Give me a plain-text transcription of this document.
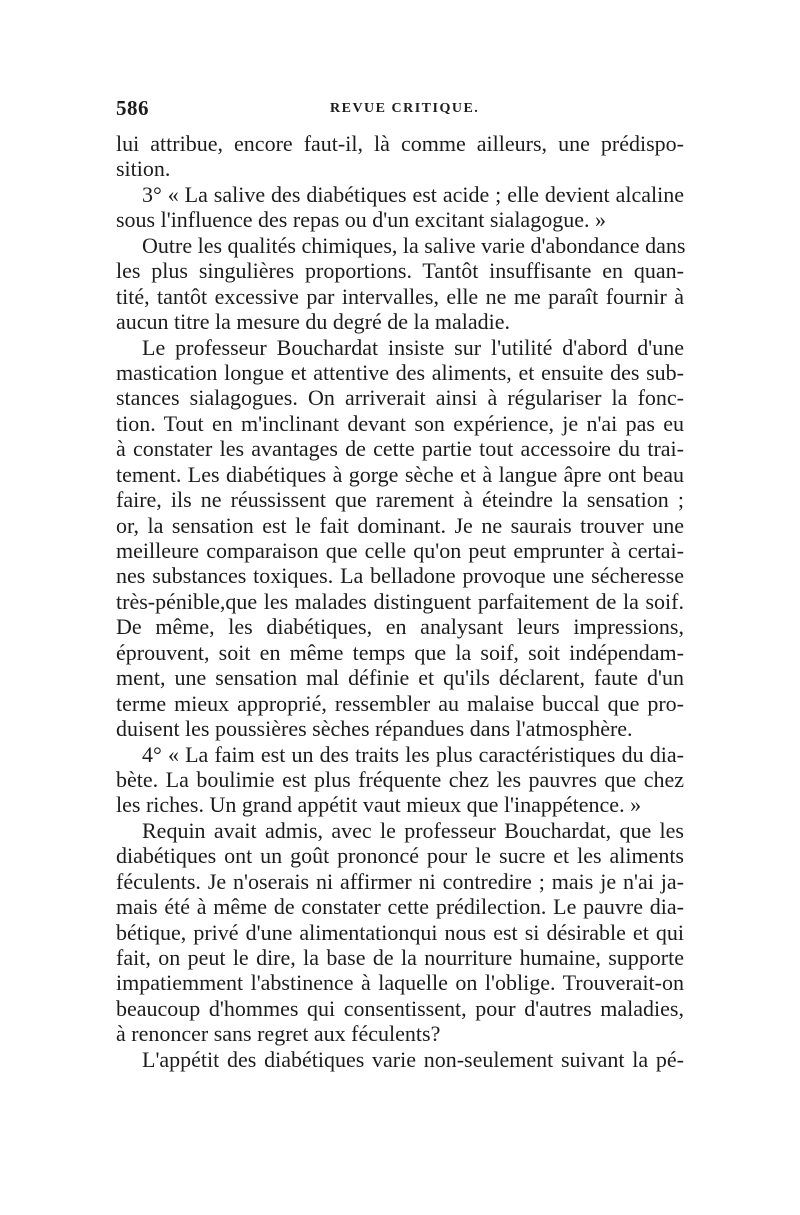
586	REVUE CRITIQUE.
lui attribue, encore faut-il, là comme ailleurs, une prédispo-
sition.
3° « La salive des diabétiques est acide ; elle devient alcaline
sous l'influence des repas ou d'un excitant sialagogue. »
Outre les qualités chimiques, la salive varie d'abondance dans
les plus singulières proportions. Tantôt insuffisante en quan-
tité, tantôt excessive par intervalles, elle ne me paraît fournir à
aucun titre la mesure du degré de la maladie.
Le professeur Bouchardat insiste sur l'utilité d'abord d'une
mastication longue et attentive des aliments, et ensuite des sub-
stances sialagogues. On arriverait ainsi à régulariser la fonc-
tion. Tout en m'inclinant devant son expérience, je n'ai pas eu
à constater les avantages de cette partie tout accessoire du trai-
tement. Les diabétiques à gorge sèche et à langue âpre ont beau
faire, ils ne réussissent que rarement à éteindre la sensation ;
or, la sensation est le fait dominant. Je ne saurais trouver une
meilleure comparaison que celle qu'on peut emprunter à certai-
nes substances toxiques. La belladone provoque une sécheresse
très-pénible,que les malades distinguent parfaitement de la soif.
De même, les diabétiques, en analysant leurs impressions,
éprouvent, soit en même temps que la soif, soit indépendam-
ment, une sensation mal définie et qu'ils déclarent, faute d'un
terme mieux approprié, ressembler au malaise buccal que pro-
duisent les poussières sèches répandues dans l'atmosphère.
4° « La faim est un des traits les plus caractéristiques du dia-
bète. La boulimie est plus fréquente chez les pauvres que chez
les riches. Un grand appétit vaut mieux que l'inappétence. »
Requin avait admis, avec le professeur Bouchardat, que les
diabétiques ont un goût prononcé pour le sucre et les aliments
féculents. Je n'oserais ni affirmer ni contredire ; mais je n'ai ja-
mais été à même de constater cette prédilection. Le pauvre dia-
bétique, privé d'une alimentationqui nous est si désirable et qui
fait, on peut le dire, la base de la nourriture humaine, supporte
impatiemment l'abstinence à laquelle on l'oblige. Trouverait-on
beaucoup d'hommes qui consentissent, pour d'autres maladies,
à renoncer sans regret aux féculents?
L'appétit des diabétiques varie non-seulement suivant la pé-
